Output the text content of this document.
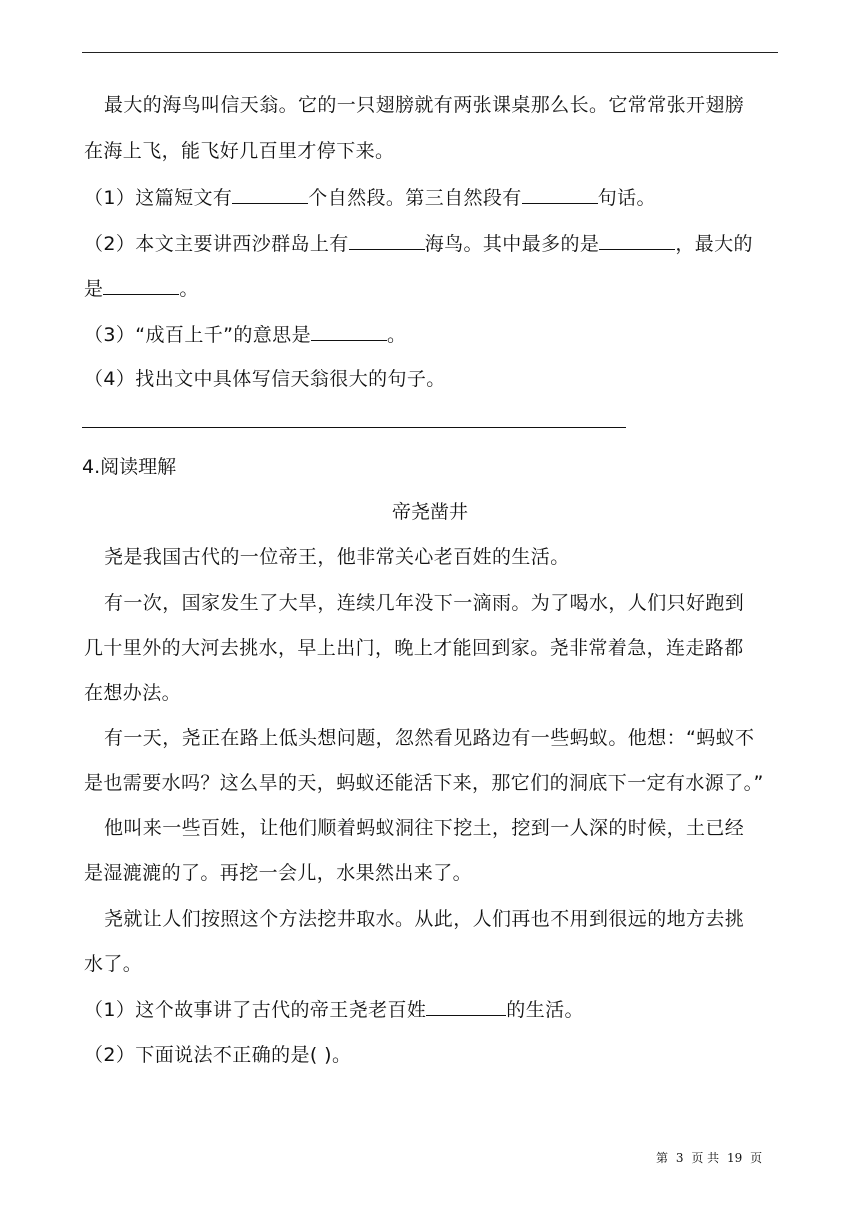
最大的海鸟叫信天翁。它的一只翅膀就有两张课桌那么长。它常常张开翅膀
在海上飞，能飞好几百里才停下来。
（1）这篇短文有	个自然段。第三自然段有	句话。
（2）本文主要讲西沙群岛上有	海鸟。其中最多的是	，最大的
是	。
（3）“成百上千”的意思是	。
（4）找出文中具体写信天翁很大的句子。
4.阅读理解
帝尧凿井
尧是我国古代的一位帝王，他非常关心老百姓的生活。
有一次，国家发生了大旱，连续几年没下一滴雨。为了喝水，人们只好跑到
几十里外的大河去挑水，早上出门，晚上才能回到家。尧非常着急，连走路都
在想办法。
有一天，尧正在路上低头想问题，忽然看见路边有一些蚂蚁。他想：“蚂蚁不
是也需要水吗？这么旱的天，蚂蚁还能活下来，那它们的洞底下一定有水源了。”
他叫来一些百姓，让他们顺着蚂蚁洞往下挖土，挖到一人深的时候，土已经
是湿漉漉的了。再挖一会儿，水果然出来了。
尧就让人们按照这个方法挖井取水。从此，人们再也不用到很远的地方去挑
水了。
（1）这个故事讲了古代的帝王尧老百姓	的生活。
（2）下面说法不正确的是( )。
第 3 页 共 19 页
